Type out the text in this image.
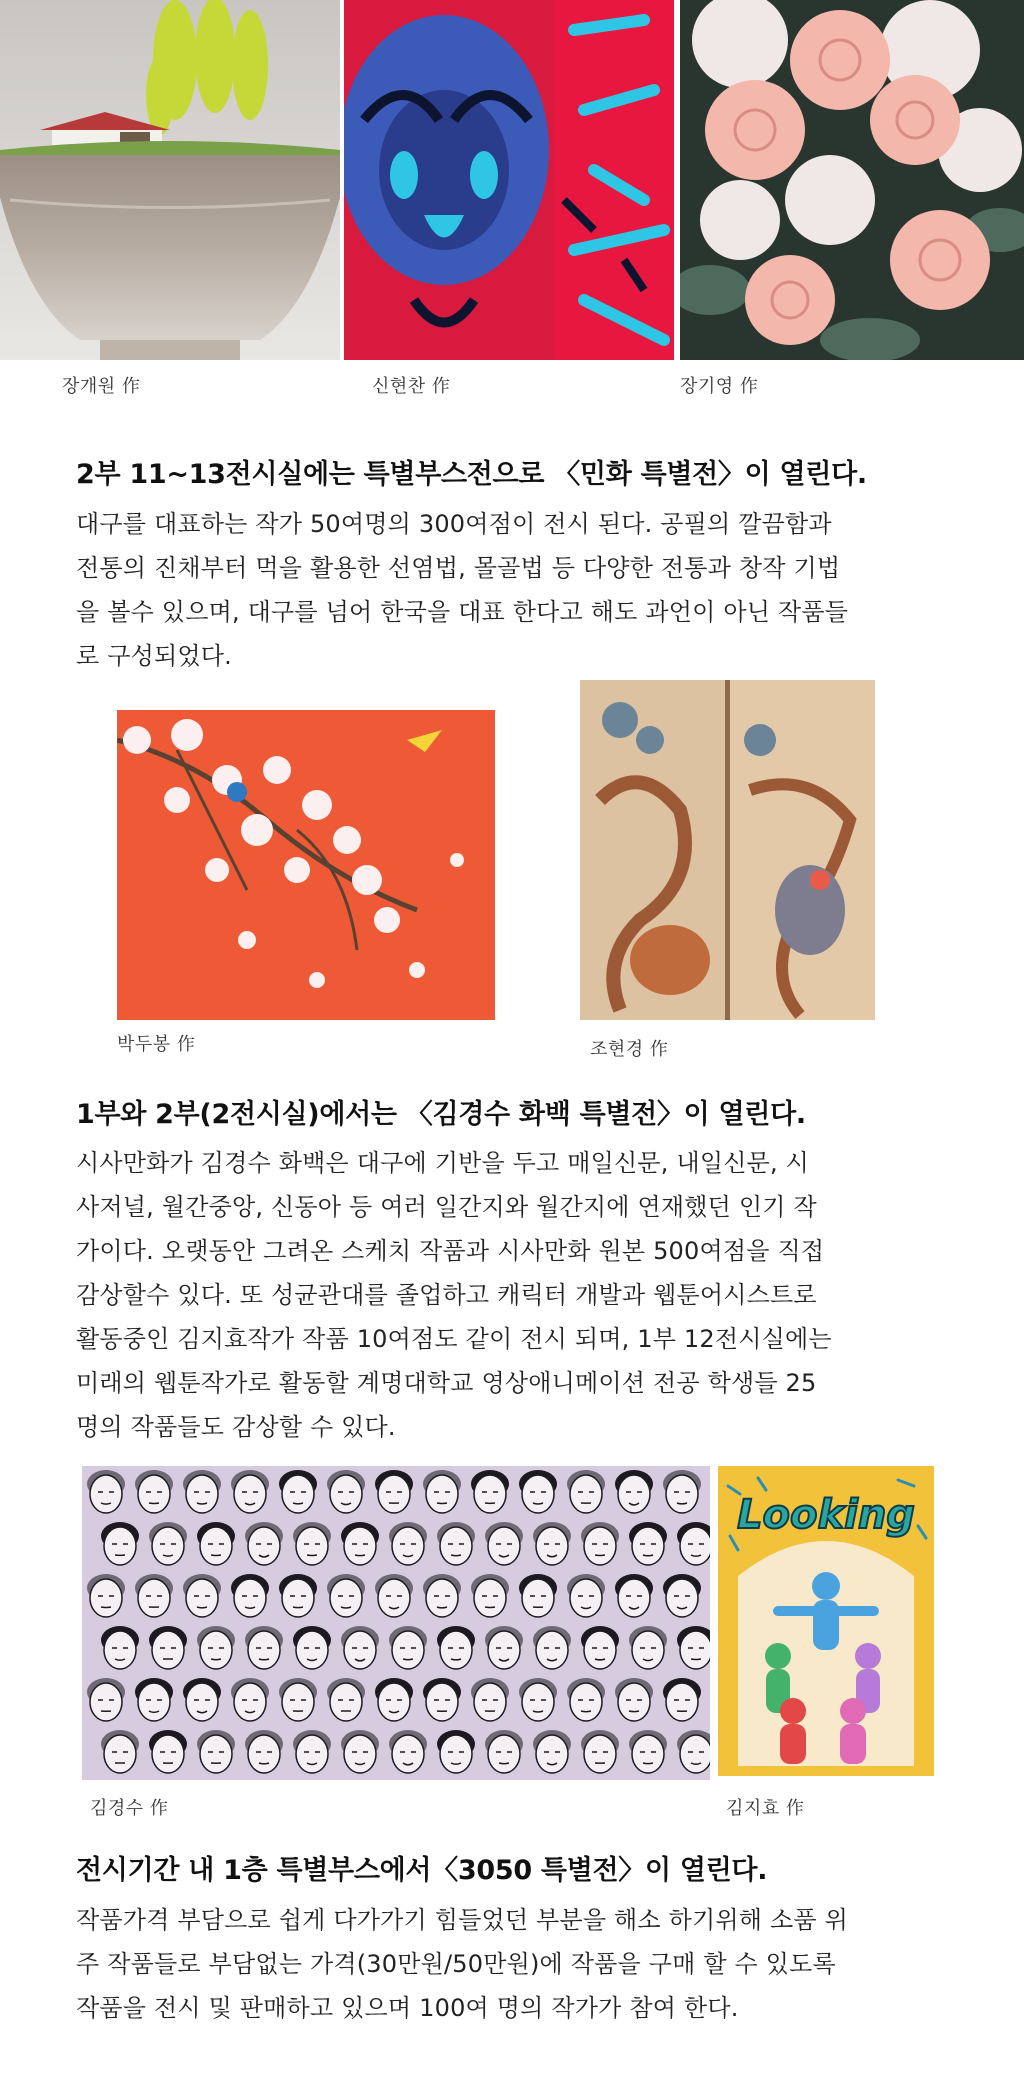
장개원 作	신현찬 作	장기영 作
2부 11~13전시실에는 특별부스전으로 〈민화 특별전〉이 열린다.
대구를 대표하는 작가 50여명의 300여점이 전시 된다. 공필의 깔끔함과
전통의 진채부터 먹을 활용한 선염법, 몰골법 등 다양한 전통과 창작 기법
을 볼수 있으며, 대구를 넘어 한국을 대표 한다고 해도 과언이 아닌 작품들
로 구성되었다.
박두봉 作	조현경 作
1부와 2부(2전시실)에서는 〈김경수 화백 특별전〉이 열린다.
시사만화가 김경수 화백은 대구에 기반을 두고 매일신문, 내일신문, 시
사저널, 월간중앙, 신동아 등 여러 일간지와 월간지에 연재했던 인기 작
가이다. 오랫동안 그려온 스케치 작품과 시사만화 원본 500여점을 직접
감상할수 있다. 또 성균관대를 졸업하고 캐릭터 개발과 웹툰어시스트로
활동중인 김지효작가 작품 10여점도 같이 전시 되며, 1부 12전시실에는
미래의 웹툰작가로 활동할 계명대학교 영상애니메이션 전공 학생들 25
명의 작품들도 감상할 수 있다.
Looking
김경수 作	김지효 作
전시기간 내 1층 특별부스에서〈3050 특별전〉이 열린다.
작품가격 부담으로 쉽게 다가가기 힘들었던 부분을 해소 하기위해 소품 위
주 작품들로 부담없는 가격(30만원/50만원)에 작품을 구매 할 수 있도록
작품을 전시 및 판매하고 있으며 100여 명의 작가가 참여 한다.
